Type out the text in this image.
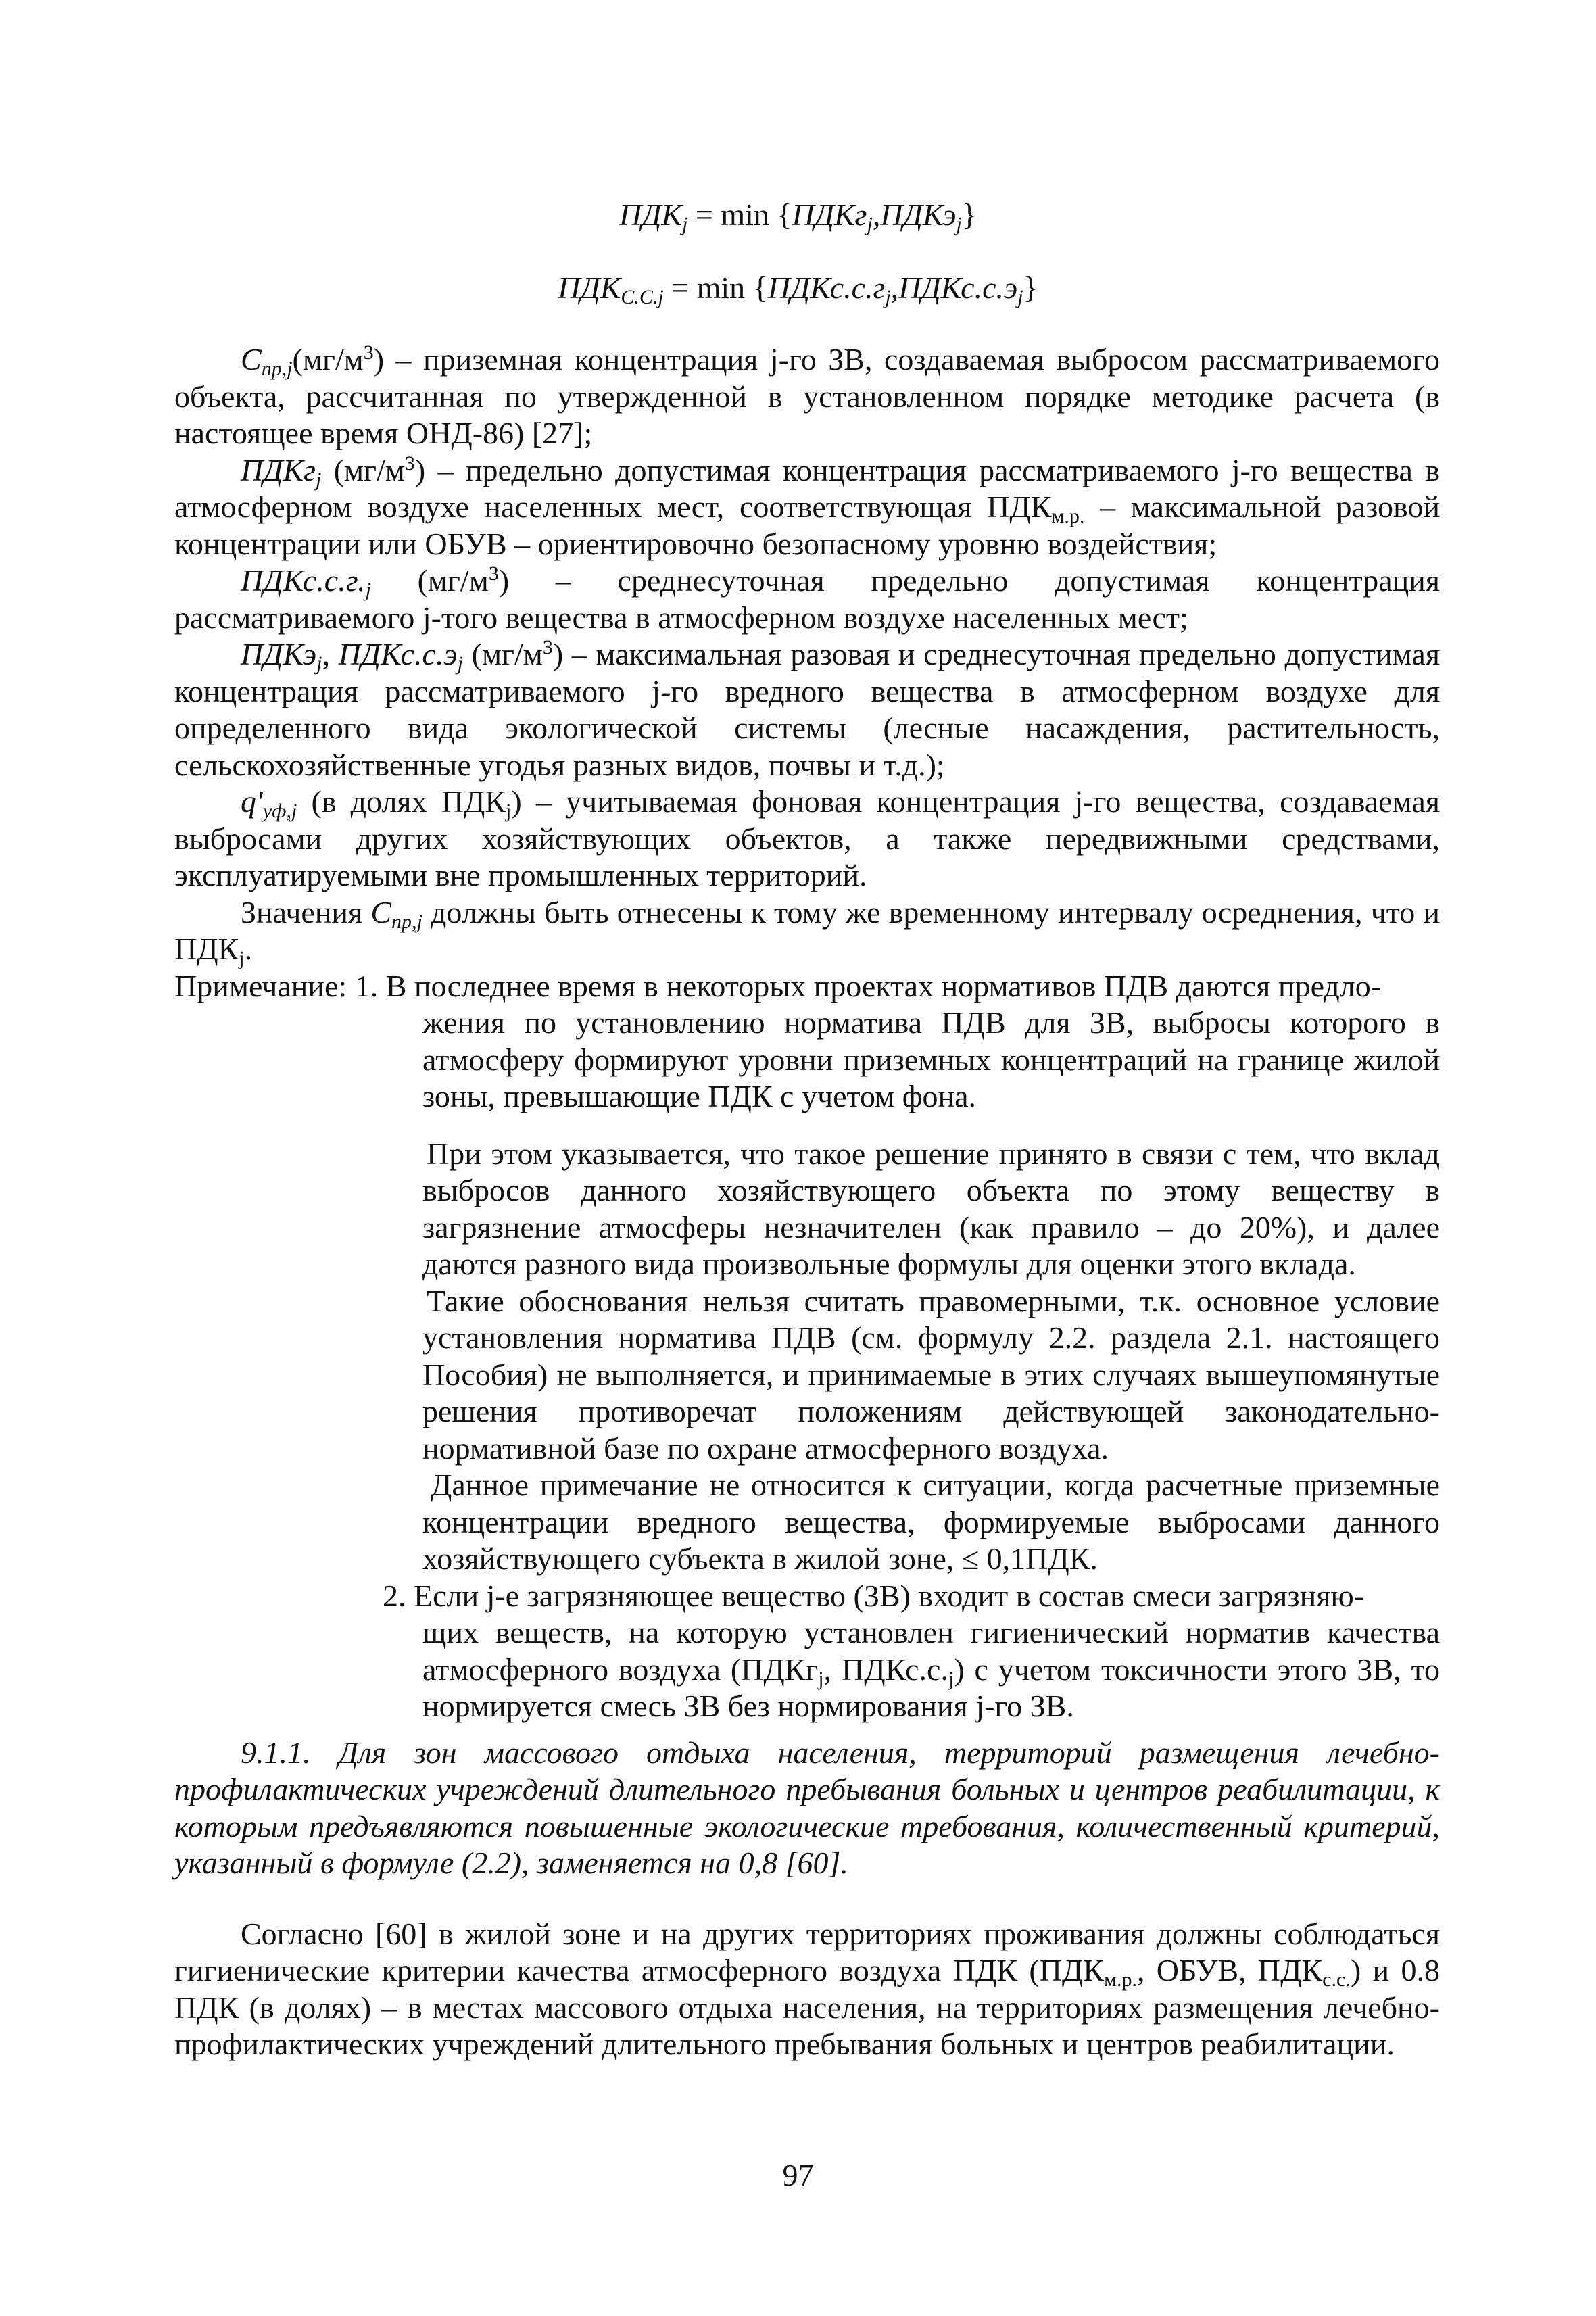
$ПДК_j = \min$ {ПДКг$_j$,ПДКэ$_j$}
$ПДК_{С.С.j} = \min$ $\{ПДКс.с.г_j,ПДКс.с.э_j\}$

$С_{пр,j}(мг/м^3)$ – приземная концентрация j-го ЗВ, создаваемая выбросом рассматриваемого объекта, рассчитанная по утвержденной в установленном порядке методике расчета (в настоящее время ОНД-86) [27];

ПДКг$_j$ $(мг/м^3)$ – предельно допустимая концентрация рассматриваемого j-го вещества в атмосферном воздухе населенных мест, соответствующая $ПДК_{м.р.}$ – максимальной разовой концентрации или ОБУВ – ориентировочно безопасному уровню воздействия;

$ПДКс.с.г._j$ $(мг/м^3)$ – среднесуточная предельно допустимая концентрация рассматриваемого j-того вещества в атмосферном воздухе населенных мест;

ПДКэ$_j$, $ПДКс.с.э_j$ $(мг/м^3)$ – максимальная разовая и среднесуточная предельно допустимая концентрация рассматриваемого j-го вредного вещества в атмосферном воздухе для определенного вида экологической системы (лесные насаждения, растительность, сельскохозяйственные угодья разных видов, почвы и т.д.);

$q'_{уф,j}$ (в долях $ПДК_j$) – учитываемая фоновая концентрация j-го вещества, создаваемая выбросами других хозяйствующих объектов, а также передвижными средствами, эксплуатируемыми вне промышленных территорий.

Значения $С_{пр,j}$ должны быть отнесены к тому же временному интервалу осреднения, что и $ПДК_j$.

Примечание: 1. В последнее время в некоторых проектах нормативов ПДВ даются предло-

жения по установлению норматива ПДВ для ЗВ, выбросы которого в атмосферу формируют уровни приземных концентраций на границе жилой зоны, превышающие ПДК с учетом фона.

При этом указывается, что такое решение принято в связи с тем, что вклад выбросов данного хозяйствующего объекта по этому веществу в загрязнение атмосферы незначителен (как правило – до 20%), и далее даются разного вида произвольные формулы для оценки этого вклада.

Такие обоснования нельзя считать правомерными, т.к. основное условие установления норматива ПДВ (см. формулу 2.2. раздела 2.1. настоящего Пособия) не выполняется, и принимаемые в этих случаях вышеупомянутые решения противоречат положениям действующей законодательно-нормативной базе по охране атмосферного воздуха.

Данное примечание не относится к ситуации, когда расчетные приземные концентрации вредного вещества, формируемые выбросами данного хозяйствующего субъекта в жилой зоне, ≤ 0,1ПДК.

2. Если j-е загрязняющее вещество (ЗВ) входит в состав смеси загрязняю-

щих веществ, на которую установлен гигиенический норматив качества атмосферного воздуха (ПДКг$_j$, $ПДКс.с._j$) с учетом токсичности этого ЗВ, то нормируется смесь ЗВ без нормирования j-го ЗВ.

9.1.1. Для зон массового отдыха населения, территорий размещения лечебно-профилактических учреждений длительного пребывания больных и центров реабилитации, к которым предъявляются повышенные экологические требования, количественный критерий, указанный в формуле (2.2), заменяется на 0,8 [60].

Согласно [60] в жилой зоне и на других территориях проживания должны соблюдаться гигиенические критерии качества атмосферного воздуха ПДК ($ПДК_{м.р.}$, ОБУВ, $ПДК_{с.с.}$) и 0.8 ПДК (в долях) – в местах массового отдыха населения, на территориях размещения лечебно-профилактических учреждений длительного пребывания больных и центров реабилитации.

97
